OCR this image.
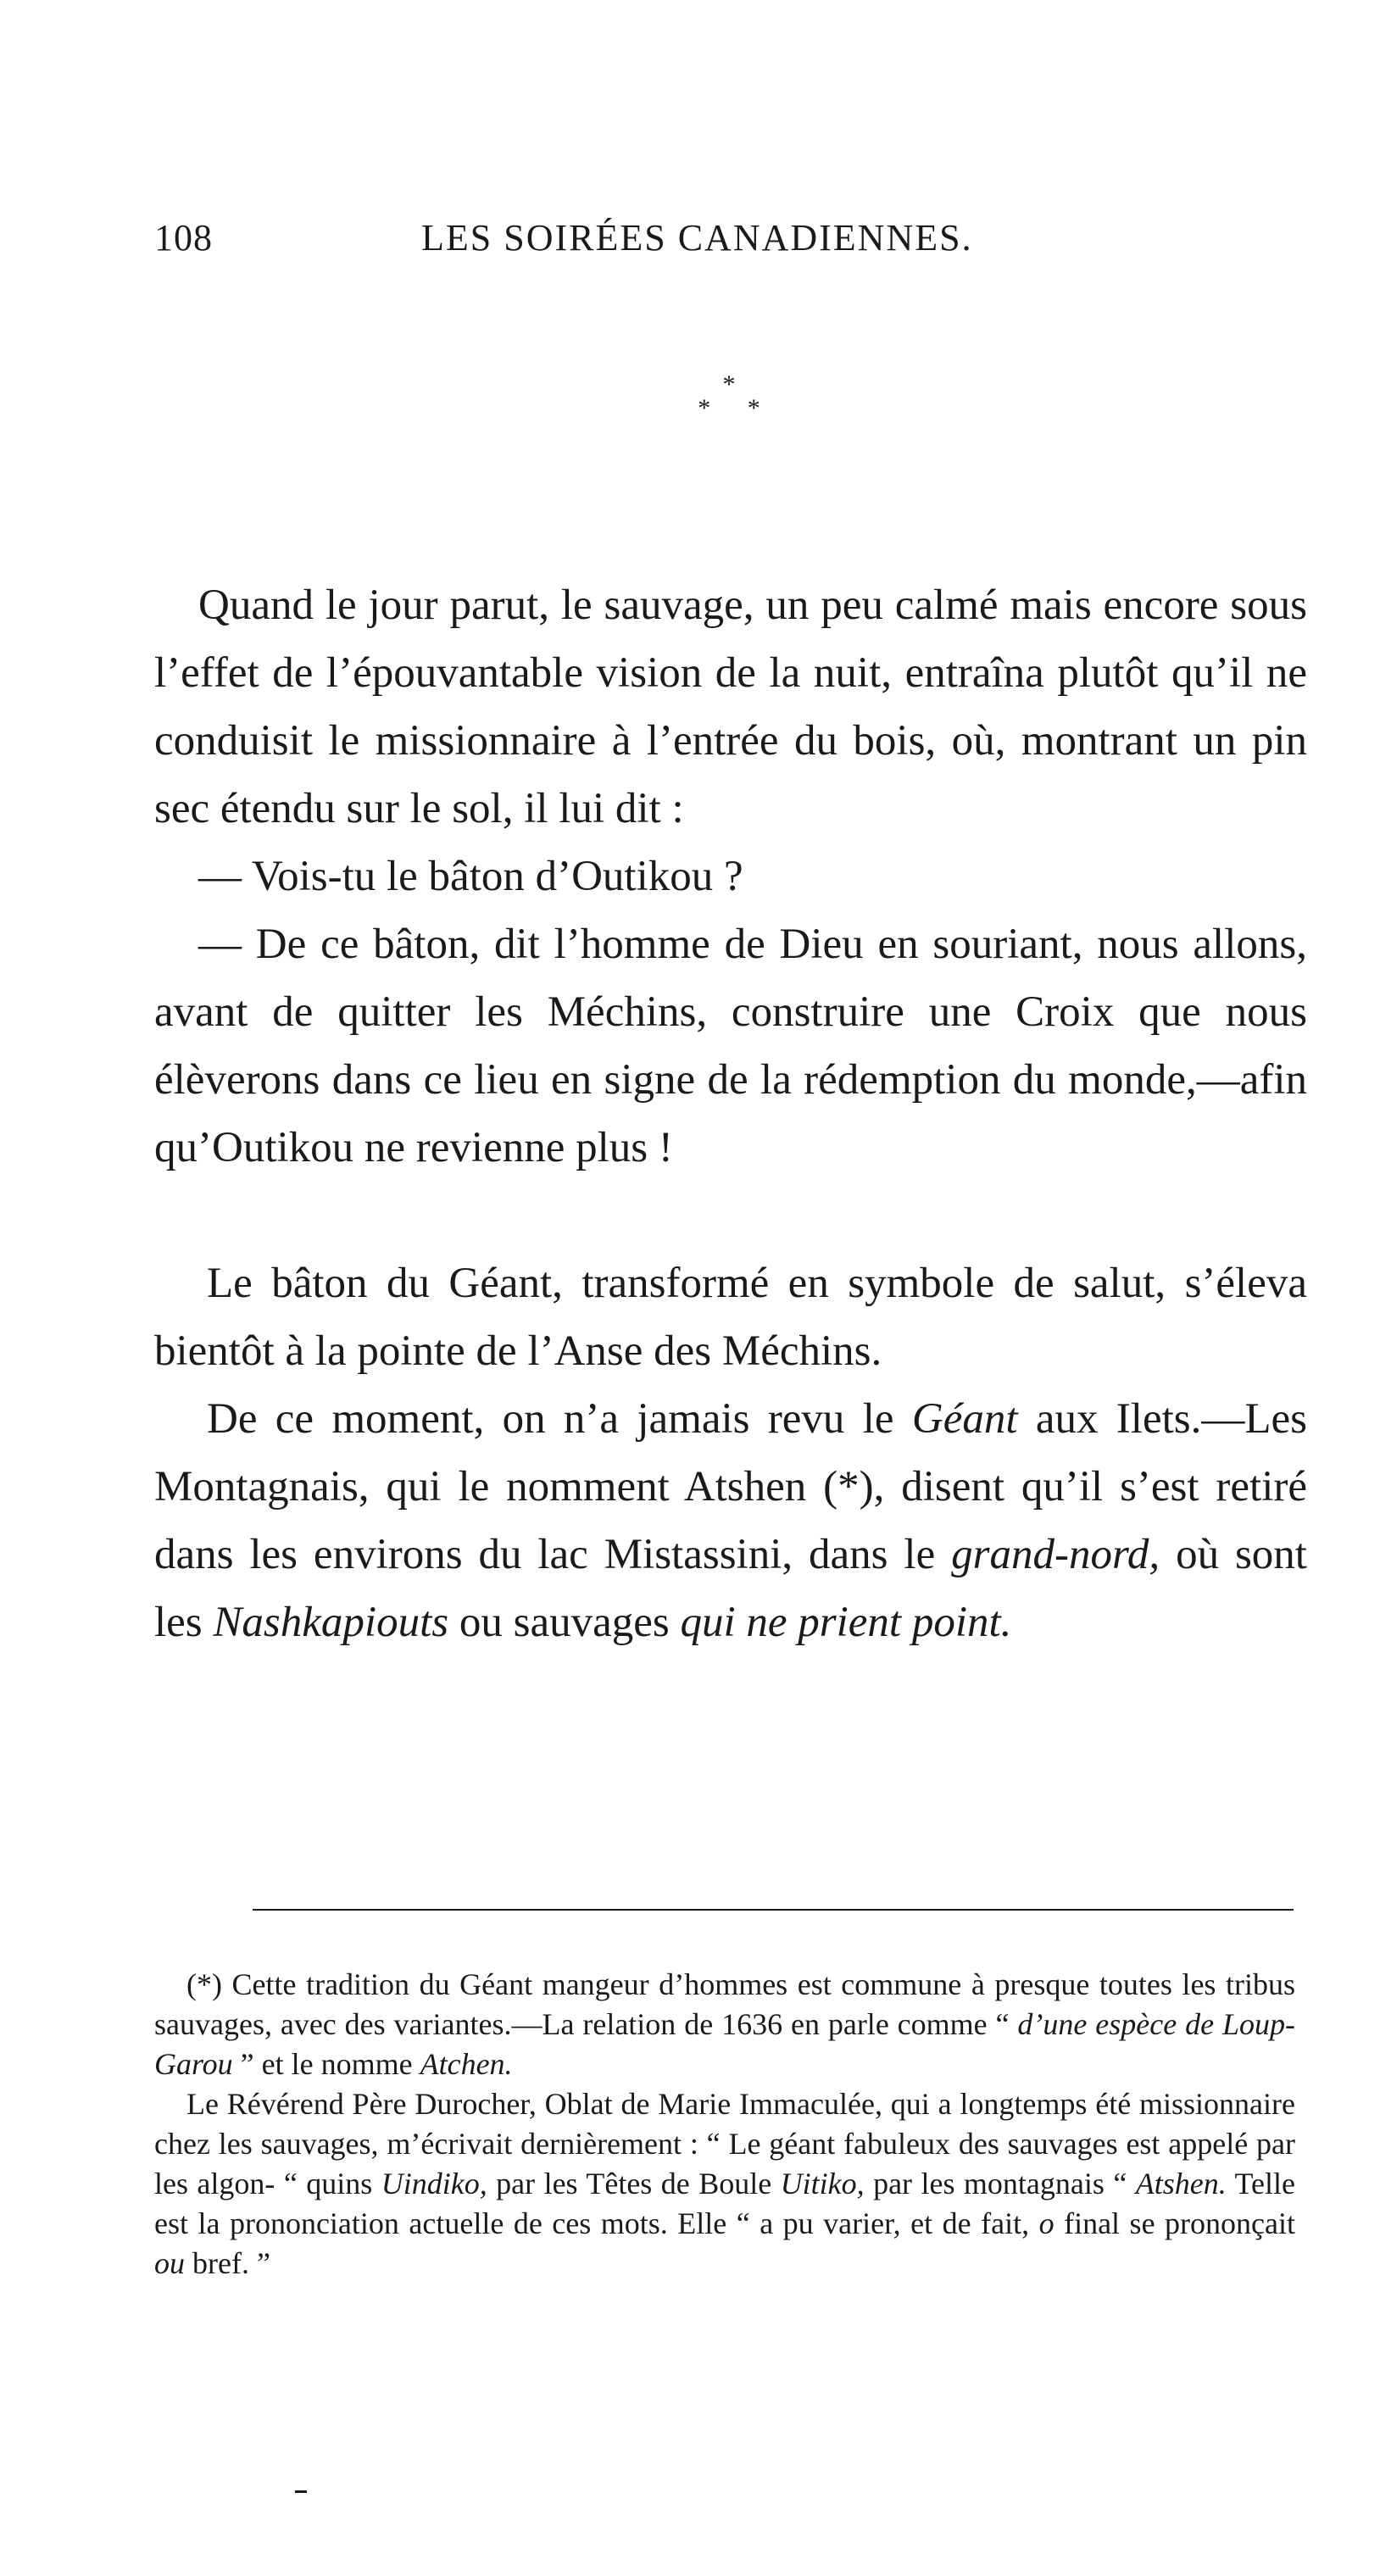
108	LES SOIRÉES CANADIENNES.
*
* *

Quand le jour parut, le sauvage, un peu calmé mais encore sous l’effet de l’épouvantable vision de la nuit, entraîna plutôt qu’il ne conduisit le missionnaire à l’entrée du bois, où, montrant un pin sec étendu sur le sol, il lui dit :

— Vois-tu le bâton d’Outikou ?

— De ce bâton, dit l’homme de Dieu en souriant, nous allons, avant de quitter les Méchins, construire une Croix que nous élèverons dans ce lieu en signe de la rédemption du monde,—afin qu’Outikou ne revienne plus !

Le bâton du Géant, transformé en symbole de salut, s’éleva bientôt à la pointe de l’Anse des Méchins.

De ce moment, on n’a jamais revu le Géant aux Ilets.—Les Montagnais, qui le nomment Atshen (*), disent qu’il s’est retiré dans les environs du lac Mistassini, dans le grand-nord, où sont les Nashkapiouts ou sauvages qui ne prient point.

(*) Cette tradition du Géant mangeur d’hommes est commune à presque toutes les tribus sauvages, avec des variantes.—La relation de 1636 en parle comme “ d’une espèce de Loup-Garou ” et le nomme Atchen.

Le Révérend Père Durocher, Oblat de Marie Immaculée, qui a longtemps été missionnaire chez les sauvages, m’écrivait dernièrement : “ Le géant fabuleux des sauvages est appelé par les algon- “ quins Uindiko, par les Têtes de Boule Uitiko, par les montagnais “ Atshen. Telle est la prononciation actuelle de ces mots. Elle “ a pu varier, et de fait, o final se prononçait ou bref. ”
